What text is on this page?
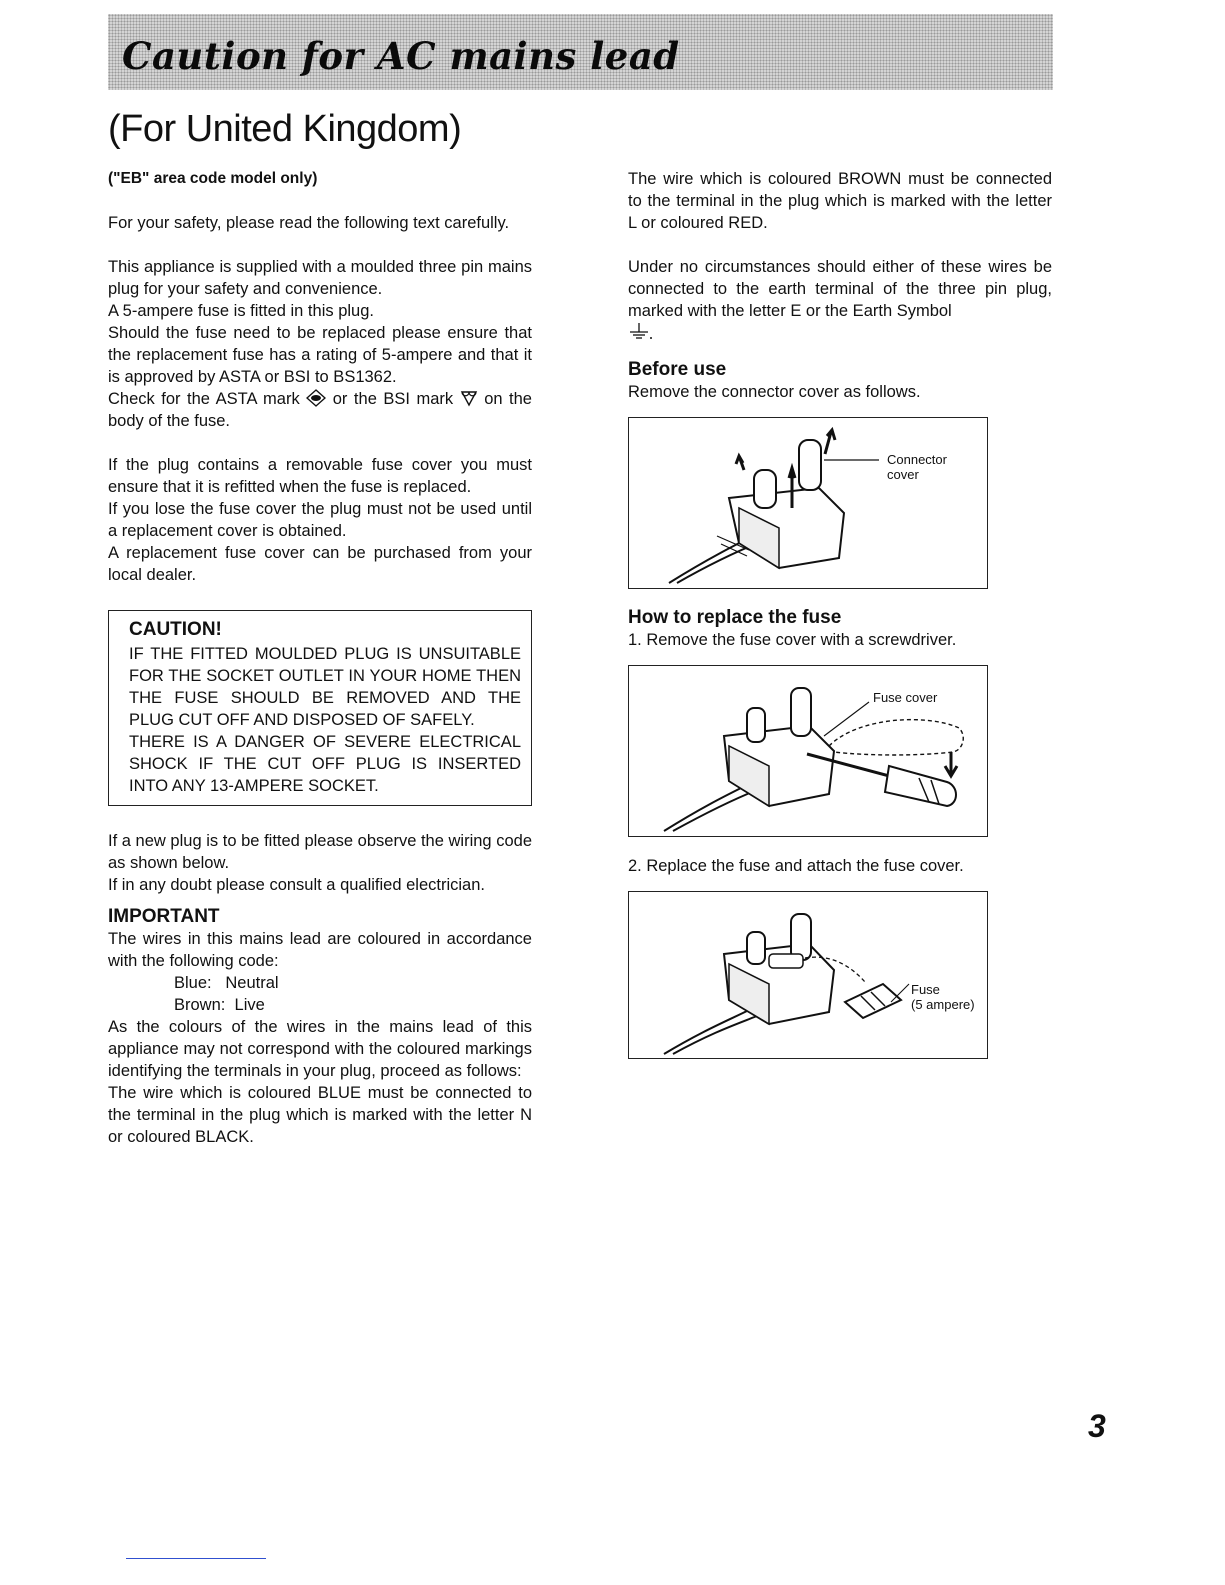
Caution for AC mains lead
(For United Kingdom)

("EB" area code model only)

For your safety, please read the following text carefully.

This appliance is supplied with a moulded three pin mains plug for your safety and convenience.

A 5-ampere fuse is fitted in this plug.

Should the fuse need to be replaced please ensure that the replacement fuse has a rating of 5-ampere and that it is approved by ASTA or BSI to BS1362.

Check for the ASTA mark or the BSI mark on the body of the fuse.

If the plug contains a removable fuse cover you must ensure that it is refitted when the fuse is replaced.

If you lose the fuse cover the plug must not be used until a replacement cover is obtained.

A replacement fuse cover can be purchased from your local dealer.

CAUTION!

IF THE FITTED MOULDED PLUG IS UNSUITABLE FOR THE SOCKET OUTLET IN YOUR HOME THEN THE FUSE SHOULD BE REMOVED AND THE PLUG CUT OFF AND DISPOSED OF SAFELY.

THERE IS A DANGER OF SEVERE ELECTRICAL SHOCK IF THE CUT OFF PLUG IS INSERTED INTO ANY 13-AMPERE SOCKET.

If a new plug is to be fitted please observe the wiring code as shown below.

If in any doubt please consult a qualified electrician.

IMPORTANT

The wires in this mains lead are coloured in accordance with the following code:

Blue:   Neutral

Brown:  Live

As the colours of the wires in the mains lead of this appliance may not correspond with the coloured markings identifying the terminals in your plug, proceed as follows:

The wire which is coloured BLUE must be connected to the terminal in the plug which is marked with the letter N or coloured BLACK.

The wire which is coloured BROWN must be connected to the terminal in the plug which is marked with the letter L or coloured RED.

Under no circumstances should either of these wires be connected to the earth terminal of the three pin plug, marked with the letter E or the Earth Symbol

Before use

Remove the connector cover as follows.

Connector cover
How to replace the fuse

1. Remove the fuse cover with a screwdriver.

Fuse cover

2. Replace the fuse and attach the fuse cover.

Fuse
(5 ampere)

3
